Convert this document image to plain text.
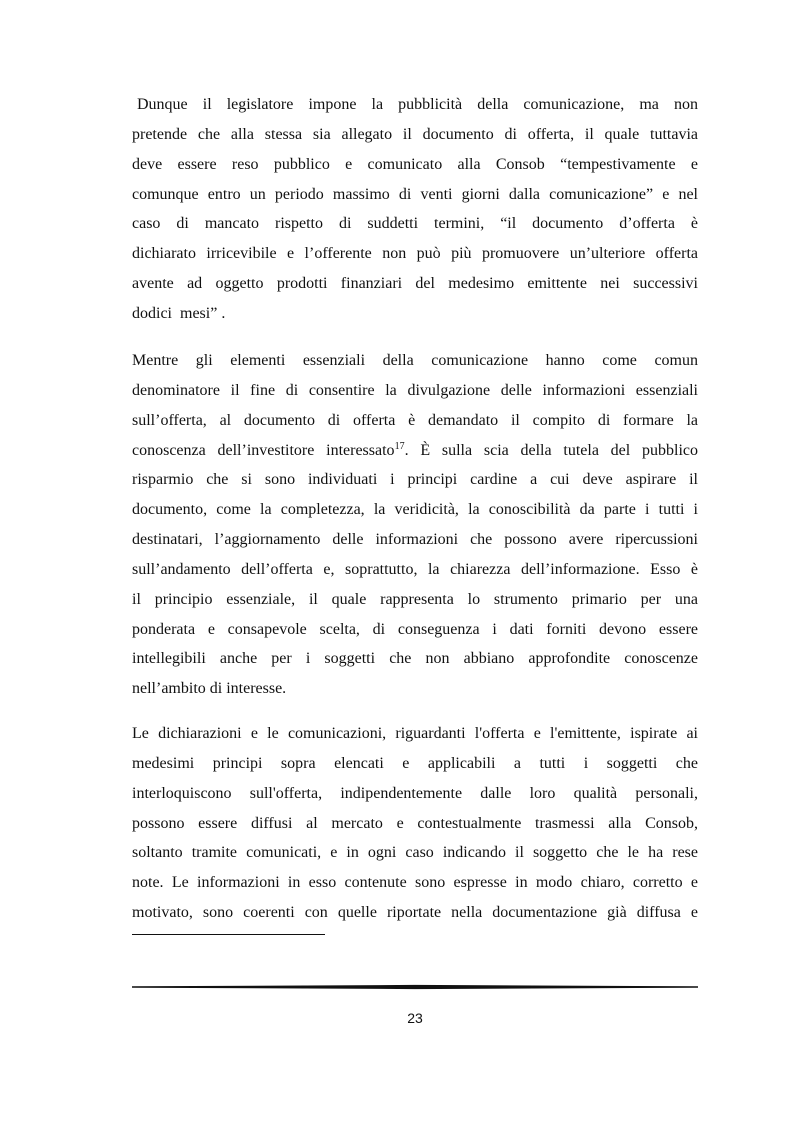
Dunque il legislatore impone la pubblicità della comunicazione, ma non
pretende che alla stessa sia allegato il documento di offerta, il quale tuttavia
deve essere reso pubblico e comunicato alla Consob “tempestivamente e
comunque entro un periodo massimo di venti giorni dalla comunicazione” e nel
caso di mancato rispetto di suddetti termini, “il documento d’offerta è
dichiarato irricevibile e l’offerente non può più promuovere un’ulteriore offerta
avente ad oggetto prodotti finanziari del medesimo emittente nei successivi
dodici  mesi” .
Mentre gli elementi essenziali della comunicazione hanno come comun
denominatore il fine di consentire la divulgazione delle informazioni essenziali
sull’offerta, al documento di offerta è demandato il compito di formare la
conoscenza dell’investitore interessato$^{17}$. È sulla scia della tutela del pubblico
risparmio che si sono individuati i principi cardine a cui deve aspirare il
documento, come la completezza, la veridicità, la conoscibilità da parte i tutti i
destinatari, l’aggiornamento delle informazioni che possono avere ripercussioni
sull’andamento dell’offerta e, soprattutto, la chiarezza dell’informazione. Esso è
il principio essenziale, il quale rappresenta lo strumento primario per una
ponderata e consapevole scelta, di conseguenza i dati forniti devono essere
intellegibili anche per i soggetti che non abbiano approfondite conoscenze
nell’ambito di interesse.
Le dichiarazioni e le comunicazioni, riguardanti l'offerta e l'emittente, ispirate ai
medesimi principi sopra elencati e applicabili a tutti i soggetti che
interloquiscono sull'offerta, indipendentemente dalle loro qualità personali,
possono essere diffusi al mercato e contestualmente trasmessi alla Consob,
soltanto tramite comunicati, e in ogni caso indicando il soggetto che le ha rese
note. Le informazioni in esso contenute sono espresse in modo chiaro, corretto e
motivato, sono coerenti con quelle riportate nella documentazione già diffusa e
23
